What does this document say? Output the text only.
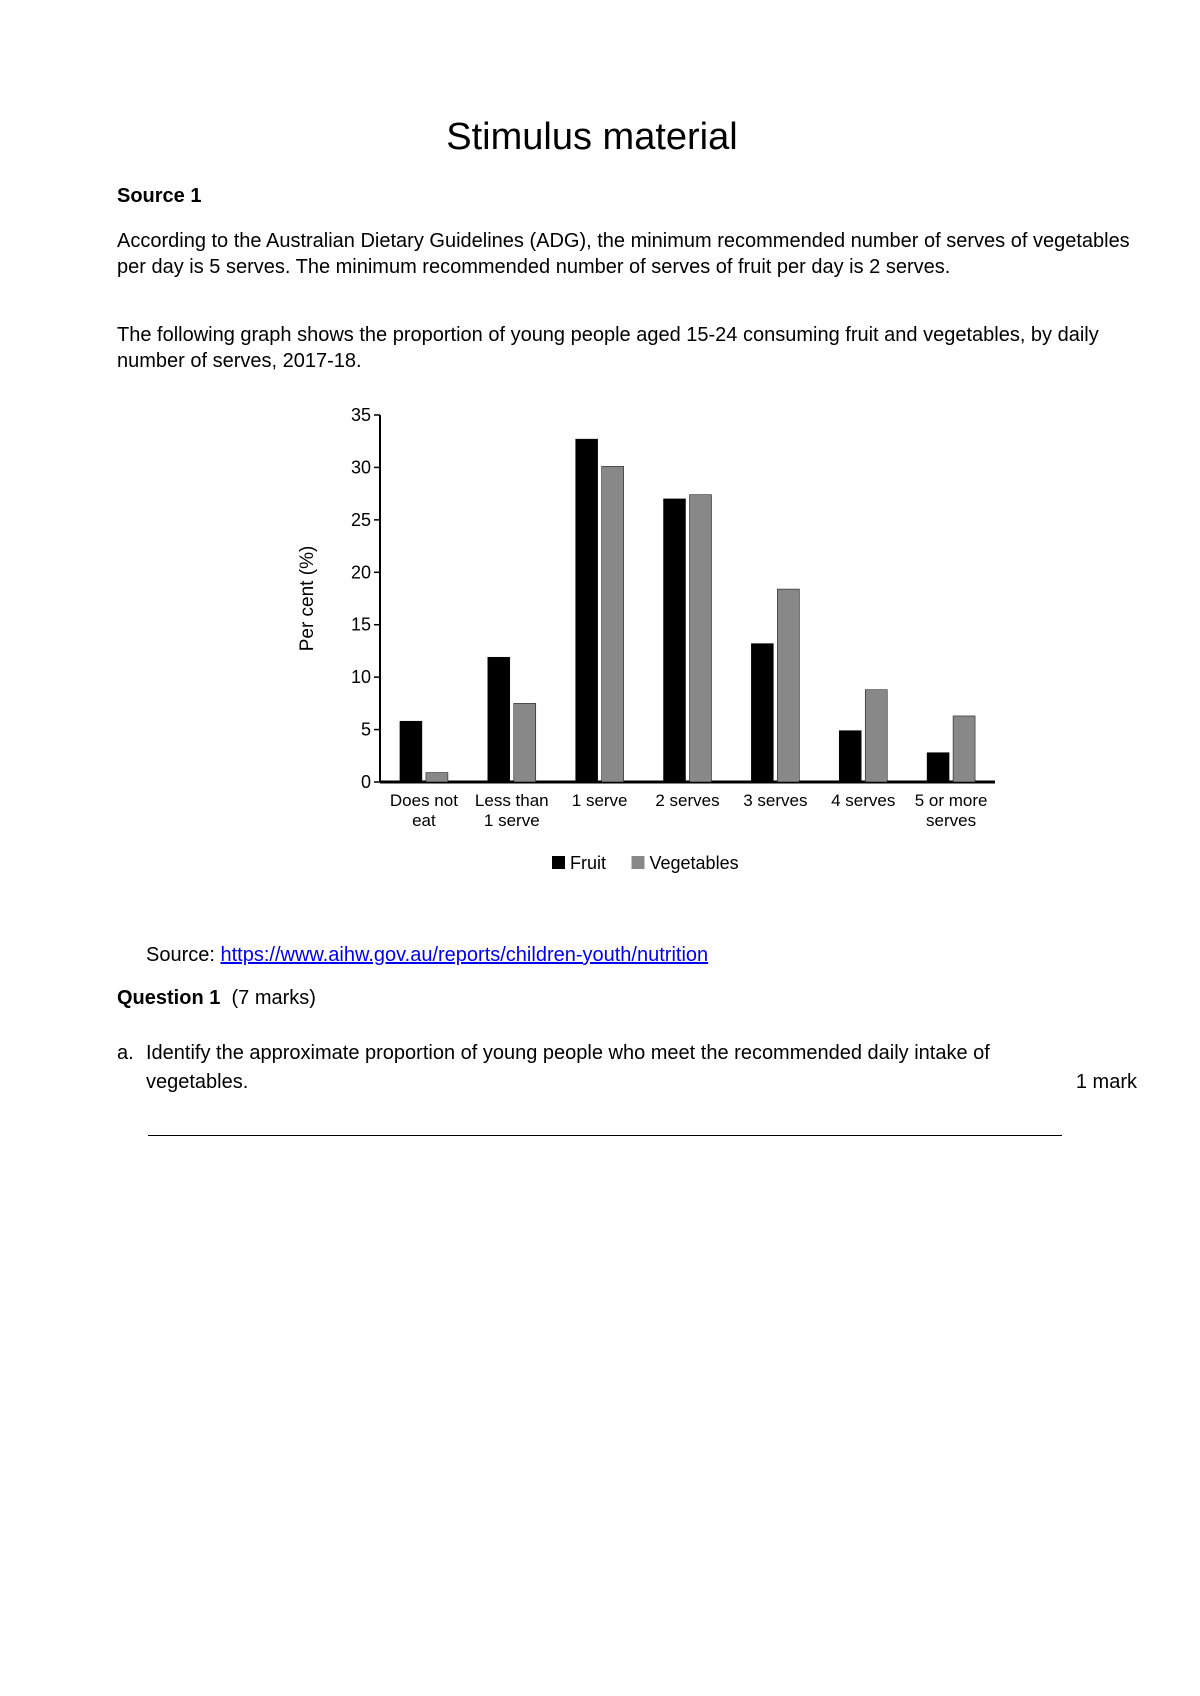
Stimulus material
Source 1

According to the Australian Dietary Guidelines (ADG), the minimum recommended number of serves of vegetables per day is 5 serves. The minimum recommended number of serves of fruit per day is 2 serves.

The following graph shows the proportion of young people aged 15-24 consuming fruit and vegetables, by daily number of serves, 2017-18.

0
5
10
15
20
25
30
35
Per cent (%)
Does not
eat
Less than
1 serve
1 serve 2 serves 3 serves 4 serves 5 or more
serves
Fruit Vegetables
Source: https://www.aihw.gov.au/reports/children-youth/nutrition
Question 1 (7 marks)
a. Identify the approximate proportion of young people who meet the recommended daily intake of vegetables.	1 mark
